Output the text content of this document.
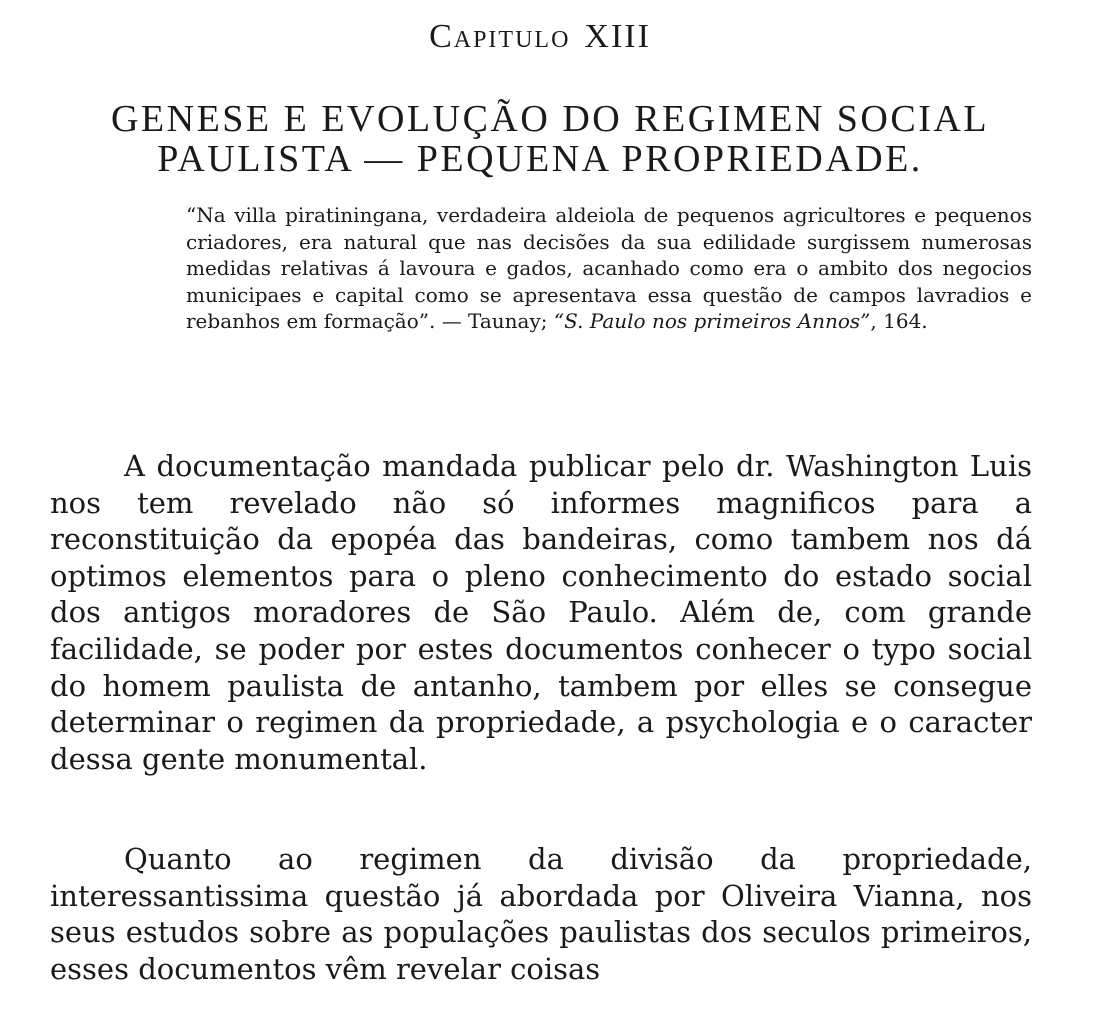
Capitulo XIII
GENESE E EVOLUÇÃO DO REGIMEN SOCIAL
PAULISTA — PEQUENA PROPRIEDADE.

“Na villa piratiningana, verdadeira aldeiola de pequenos agricultores e pequenos criadores, era natural que nas decisões da sua edilidade surgissem numerosas medidas relativas á lavoura e gados, acanhado como era o ambito dos negocios municipaes e capital como se apresentava essa questão de campos lavradios e rebanhos em formação”. — Taunay; “S. Paulo nos primeiros Annos”, 164.

A documentação mandada publicar pelo dr. Washington Luis nos tem revelado não só informes magnificos para a reconstituição da epopéa das bandeiras, como tambem nos dá optimos elementos para o pleno conhecimento do estado social dos antigos moradores de São Paulo. Além de, com grande facilidade, se poder por estes documentos conhecer o typo social do homem paulista de antanho, tambem por elles se consegue determinar o regimen da propriedade, a psychologia e o caracter dessa gente monumental.

Quanto ao regimen da divisão da propriedade, interessantissima questão já abordada por Oliveira Vianna, nos seus estudos sobre as populações paulistas dos seculos primeiros, esses documentos vêm revelar coisas
